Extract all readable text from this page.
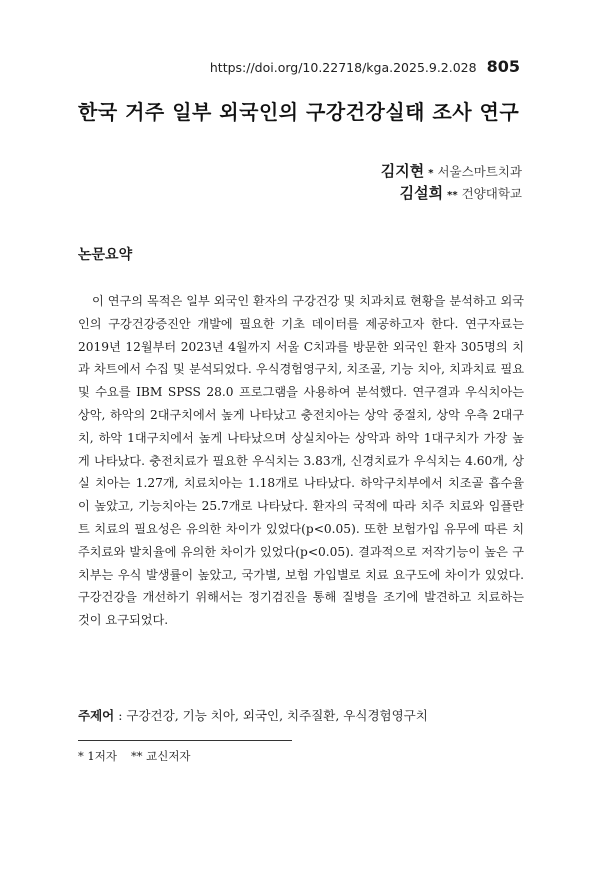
https://doi.org/10.22718/kga.2025.9.2.028 805
한국 거주 일부 외국인의 구강건강실태 조사 연구
김지현 * 서울스마트치과
김설희 ** 건양대학교
논문요약

이 연구의 목적은 일부 외국인 환자의 구강건강 및 치과치료 현황을 분석하고 외국인의 구강건강증진안 개발에 필요한 기초 데이터를 제공하고자 한다. 연구자료는 2019년 12월부터 2023년 4월까지 서울 C치과를 방문한 외국인 환자 305명의 치과 차트에서 수집 및 분석되었다. 우식경험영구치, 치조골, 기능 치아, 치과치료 필요 및 수요를 IBM SPSS 28.0 프로그램을 사용하여 분석했다. 연구결과 우식치아는 상악, 하악의 2대구치에서 높게 나타났고 충전치아는 상악 중절치, 상악 우측 2대구치, 하악 1대구치에서 높게 나타났으며 상실치아는 상악과 하악 1대구치가 가장 높게 나타났다. 충전치료가 필요한 우식치는 3.83개, 신경치료가 우식치는 4.60개, 상실 치아는 1.27개, 치료치아는 1.18개로 나타났다. 하악구치부에서 치조골 흡수율이 높았고, 기능치아는 25.7개로 나타났다. 환자의 국적에 따라 치주 치료와 임플란트 치료의 필요성은 유의한 차이가 있었다(p<0.05). 또한 보험가입 유무에 따른 치주치료와 발치율에 유의한 차이가 있었다(p<0.05). 결과적으로 저작기능이 높은 구치부는 우식 발생률이 높았고, 국가별, 보험 가입별로 치료 요구도에 차이가 있었다. 구강건강을 개선하기 위해서는 정기검진을 통해 질병을 조기에 발견하고 치료하는 것이 요구되었다.

주제어 : 구강건강, 기능 치아, 외국인, 치주질환, 우식경험영구치
* 1저자 ** 교신저자
